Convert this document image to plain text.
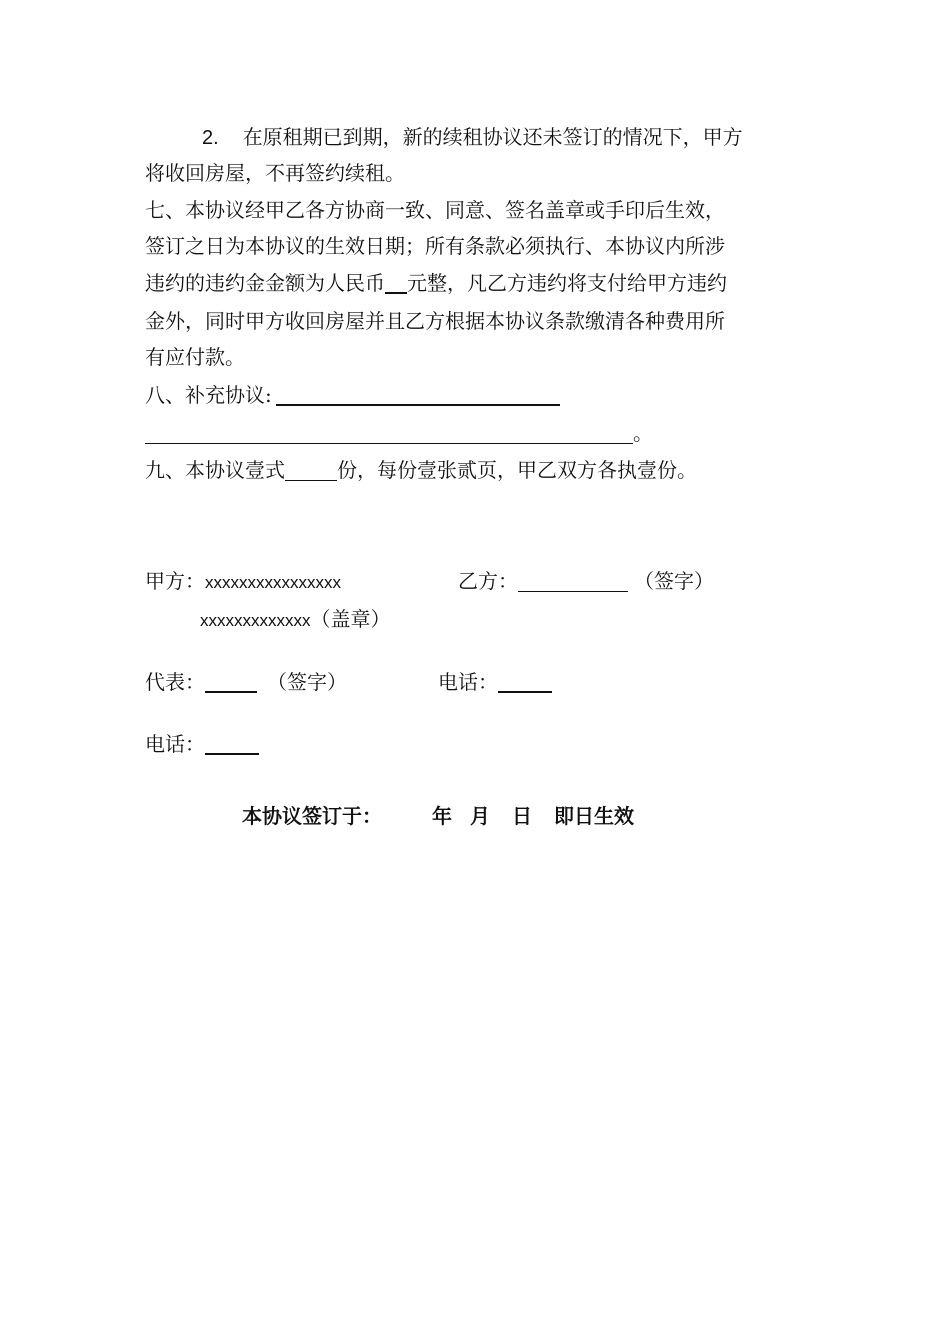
2. 在原租期已到期，新的续租协议还未签订的情况下，甲方
将收回房屋，不再签约续租。
七、本协议经甲乙各方协商一致、同意、签名盖章或手印后生效，
签订之日为本协议的生效日期；所有条款必须执行、本协议内所涉
违约的违约金金额为人民币 元整，凡乙方违约将支付给甲方违约
金外，同时甲方收回房屋并且乙方根据本协议条款缴清各种费用所
有应付款。
八、补充协议:
。
九、本协议壹式	份，每份壹张贰页，甲乙双方各执壹份。
甲方：xxxxxxxxxxxxxxxx	乙方：	（签字）
xxxxxxxxxxxxx（盖章）
代表：	（签字）	电话：
电话：
本协议签订于：	年 月 日 即日生效
